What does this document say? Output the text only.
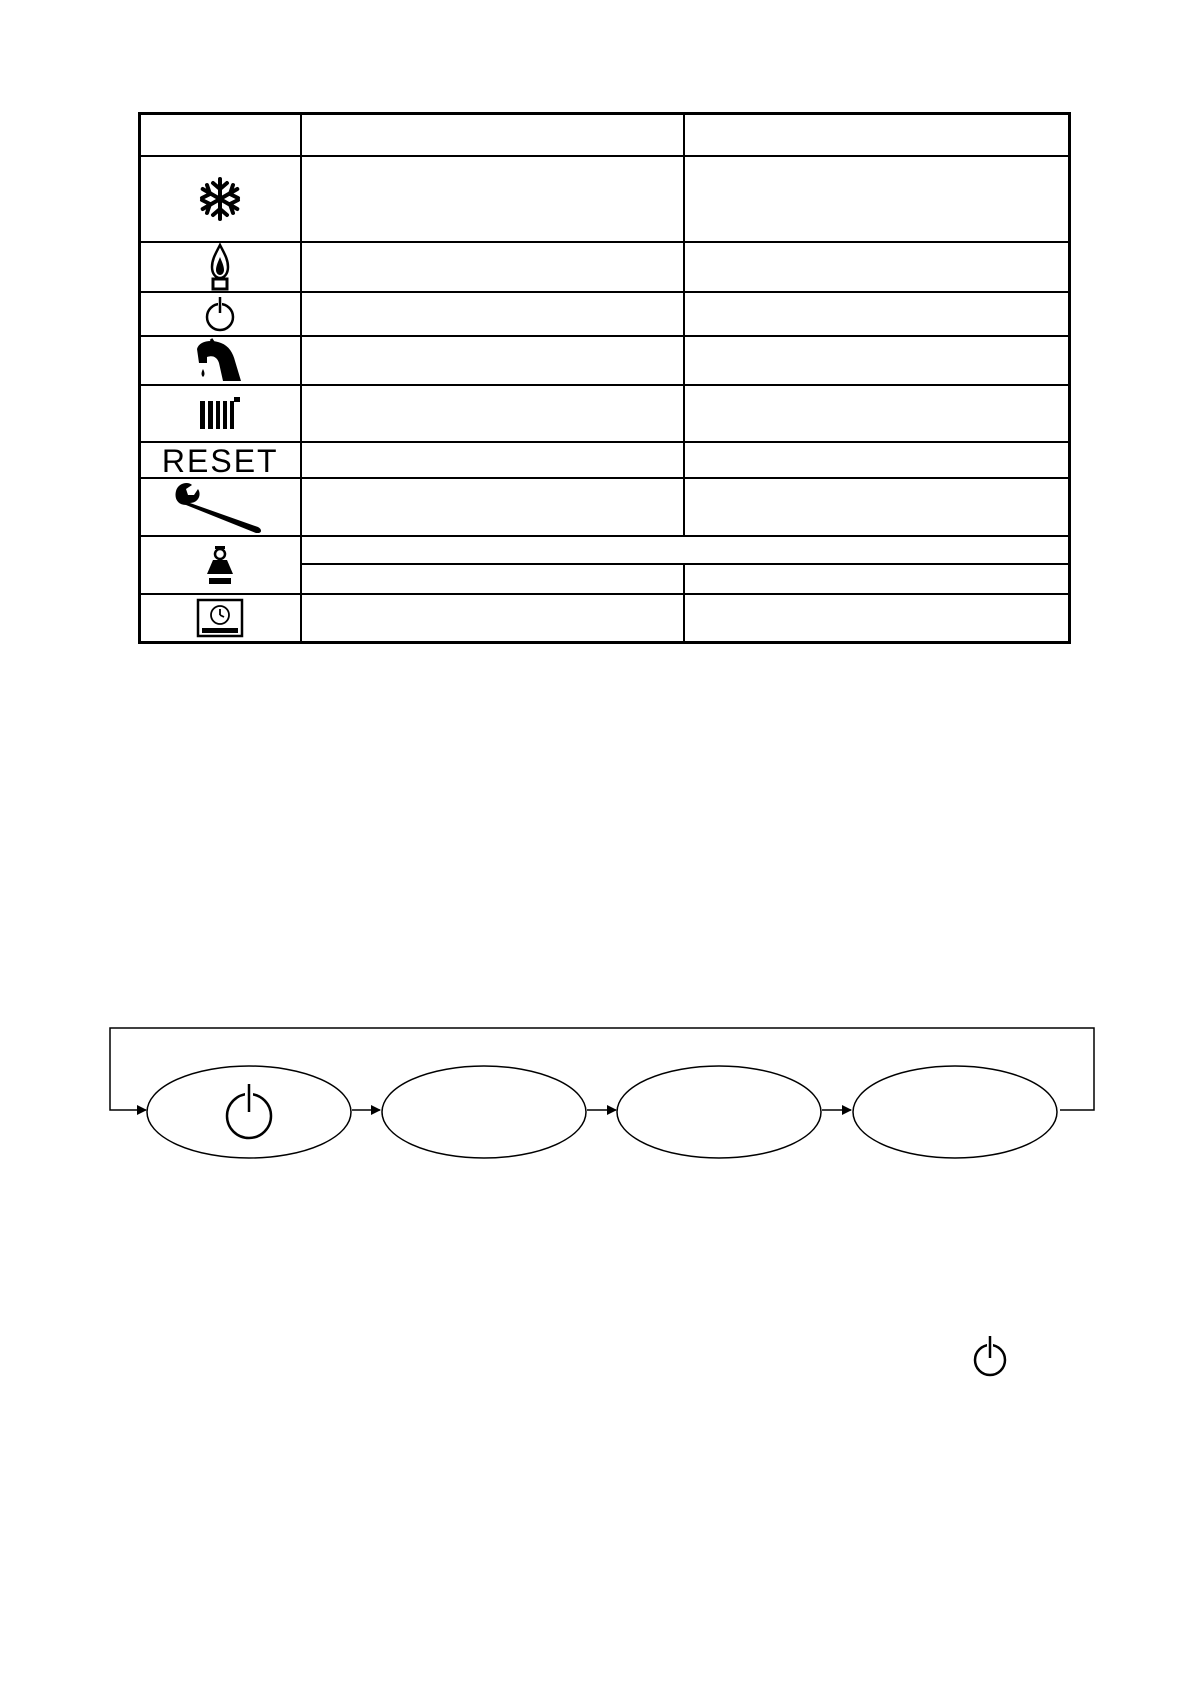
RESET		
